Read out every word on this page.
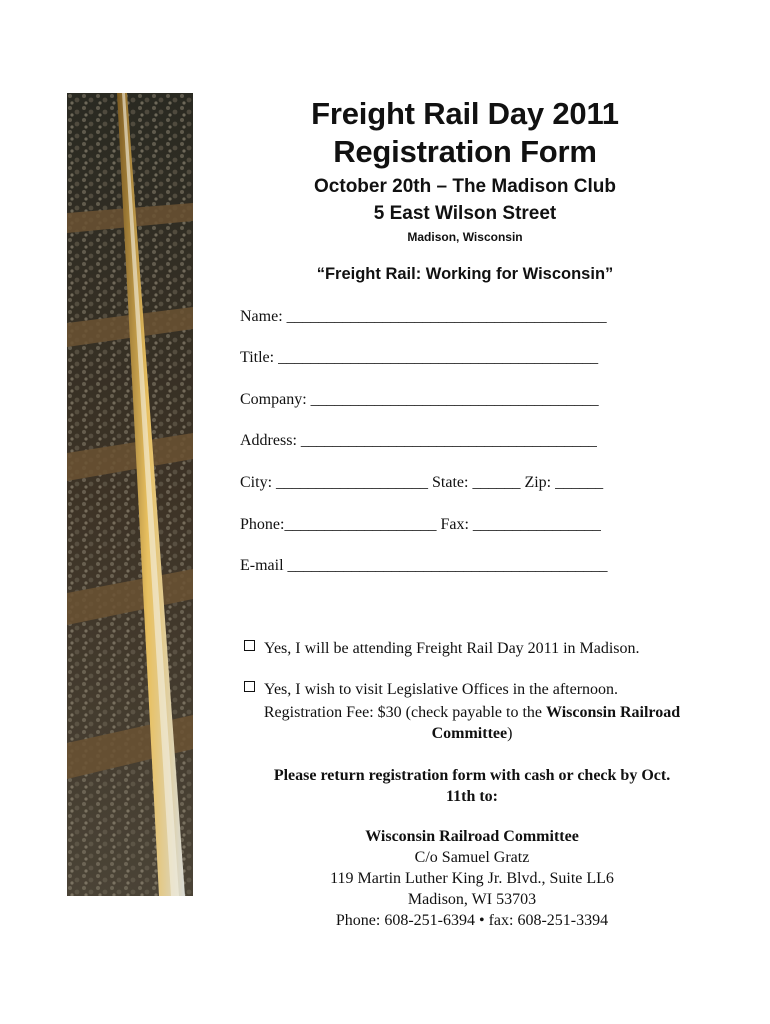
Freight Rail Day 2011
Registration Form
October 20th – The Madison Club
5 East Wilson Street
Madison, Wisconsin
“Freight Rail: Working for Wisconsin”
Name: ________________________________________
Title: ________________________________________
Company: ____________________________________
Address: _____________________________________
City: ___________________ State: ______ Zip: ______
Phone:___________________ Fax: ________________
E-mail ________________________________________

Yes, I will be attending Freight Rail Day 2011 in Madison.

Yes, I wish to visit Legislative Offices in the afternoon.

Registration Fee: $30 (check payable to the Wisconsin Railroad
Committee)
Please return registration form with cash or check by Oct.
11th to:
Wisconsin Railroad Committee
C/o Samuel Gratz
119 Martin Luther King Jr. Blvd., Suite LL6
Madison, WI 53703
Phone: 608-251-6394 • fax: 608-251-3394
